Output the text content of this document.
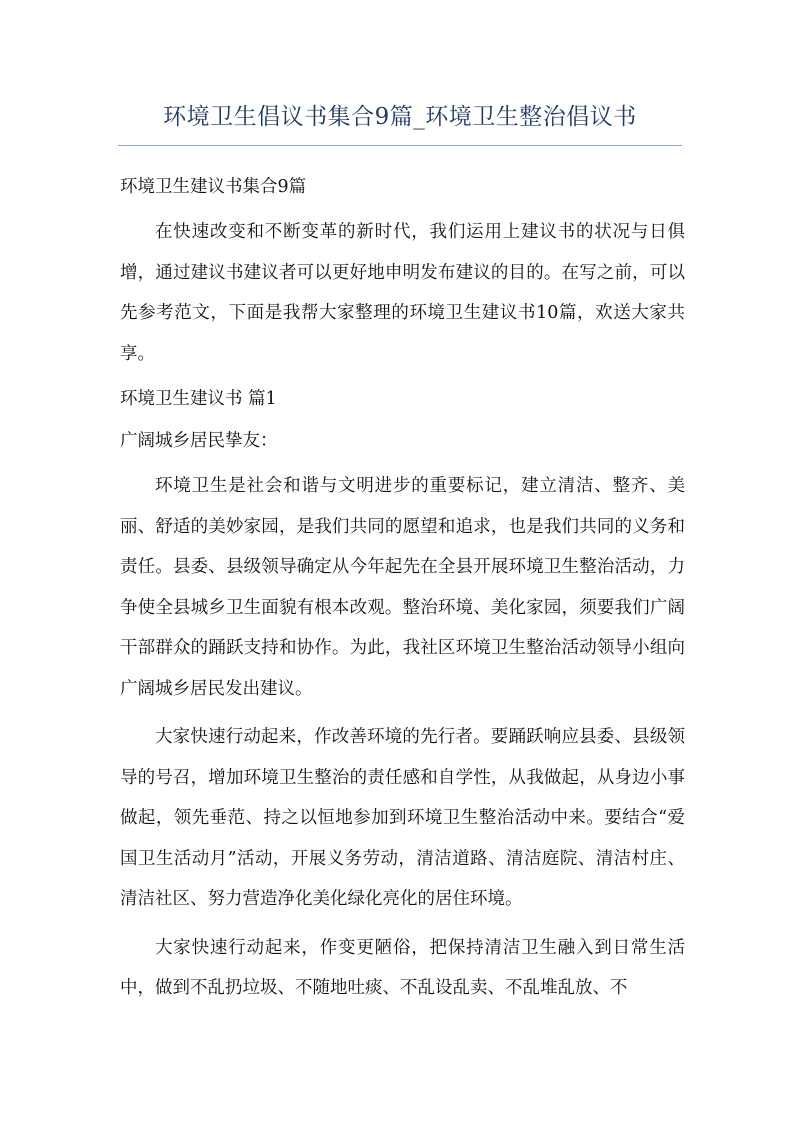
环境卫生倡议书集合9篇_环境卫生整治倡议书

环境卫生建议书集合9篇

在快速改变和不断变革的新时代，我们运用上建议书的状况与日俱增，通过建议书建议者可以更好地申明发布建议的目的。在写之前，可以先参考范文，下面是我帮大家整理的环境卫生建议书10篇，欢送大家共享。

环境卫生建议书 篇1

广阔城乡居民挚友：

环境卫生是社会和谐与文明进步的重要标记，建立清洁、整齐、美丽、舒适的美妙家园，是我们共同的愿望和追求，也是我们共同的义务和责任。县委、县级领导确定从今年起先在全县开展环境卫生整治活动，力争使全县城乡卫生面貌有根本改观。整治环境、美化家园，须要我们广阔干部群众的踊跃支持和协作。为此，我社区环境卫生整治活动领导小组向广阔城乡居民发出建议。

大家快速行动起来，作改善环境的先行者。要踊跃响应县委、县级领导的号召，增加环境卫生整治的责任感和自学性，从我做起，从身边小事做起，领先垂范、持之以恒地参加到环境卫生整治活动中来。要结合“爱国卫生活动月”活动，开展义务劳动，清洁道路、清洁庭院、清洁村庄、清洁社区、努力营造净化美化绿化亮化的居住环境。

大家快速行动起来，作变更陋俗，把保持清洁卫生融入到日常生活中，做到不乱扔垃圾、不随地吐痰、不乱设乱卖、不乱堆乱放、不
